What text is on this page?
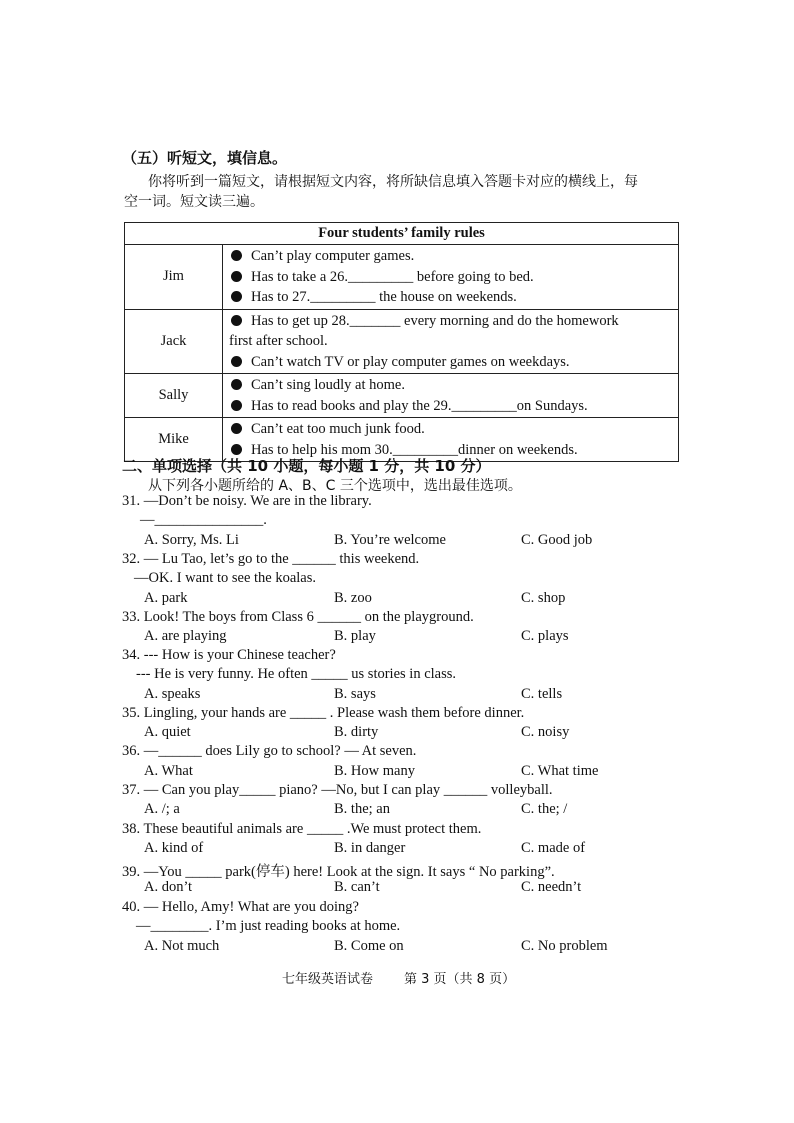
（五）听短文，填信息。
你将听到一篇短文，请根据短文内容，将所缺信息填入答题卡对应的横线上，每
空一词。短文读三遍。
Four students’ family rules	
Jim	Can’t play computer games.
Has to take a 26._________ before going to bed.
Has to 27._________ the house on weekends.

Jack	Has to get up 28._______ every morning and do the homework
first after school.
Can’t watch TV or play computer games on weekdays.

Sally	Can’t sing loudly at home.
Has to read books and play the 29._________on Sundays.

Mike	Can’t eat too much junk food.
Has to help his mom 30._________dinner on weekends.
二、单项选择（共 10 小题，每小题 1 分，共 10 分）
从下列各小题所给的 A、B、C 三个选项中，选出最佳选项。
31. —Don’t be noisy. We are in the library.
—_______________.
A. Sorry, Ms. Li	B. You’re welcome	C. Good job
32. — Lu Tao, let’s go to the ______ this weekend.
—OK. I want to see the koalas.
A. park	B. zoo	C. shop
33. Look! The boys from Class 6 ______ on the playground.
A. are playing	B. play	C. plays
34. --- How is your Chinese teacher?
--- He is very funny. He often _____ us stories in class.
A. speaks	B. says	C. tells
35. Lingling, your hands are _____ . Please wash them before dinner.
A. quiet	B. dirty	C. noisy
36. —______ does Lily go to school? — At seven.
A. What	B. How many	C. What time
37. — Can you play_____ piano? —No, but I can play ______ volleyball.
A. /; a	B. the; an	C. the; /
38. These beautiful animals are _____ .We must protect them.
A. kind of	B. in danger	C. made of
39. —You _____ park(停车) here! Look at the sign. It says “ No parking”.
A. don’t	B. can’t	C. needn’t
40. — Hello, Amy! What are you doing?
—________. I’m just reading books at home.
A. Not much	B. Come on	C. No problem
七年级英语试卷 第 3 页（共 8 页）
